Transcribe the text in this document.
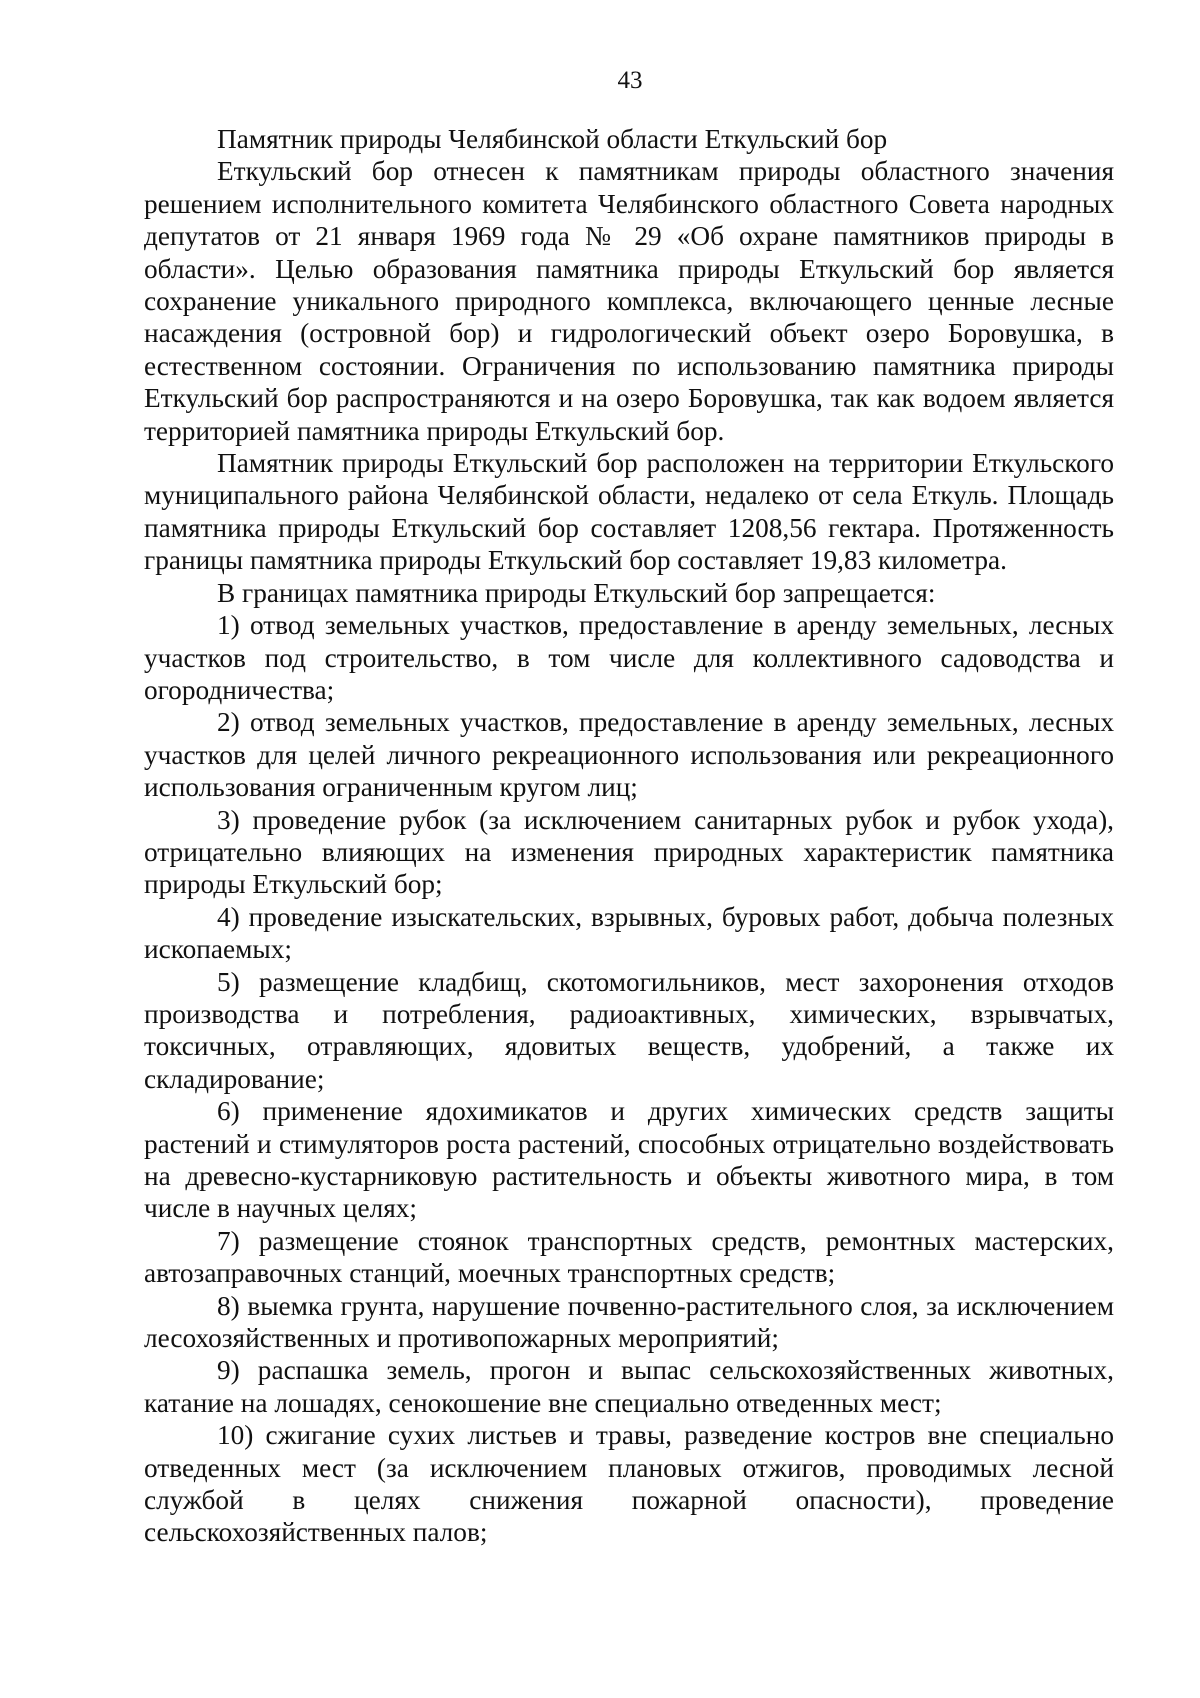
43

Памятник природы Челябинской области Еткульский бор

Еткульский бор отнесен к памятникам природы областного значения решением исполнительного комитета Челябинского областного Совета народных депутатов от 21 января 1969 года № 29 «Об охране памятников природы в области». Целью образования памятника природы Еткульский бор является сохранение уникального природного комплекса, включающего ценные лесные насаждения (островной бор) и гидрологический объект озеро Боровушка, в естественном состоянии. Ограничения по использованию памятника природы Еткульский бор распространяются и на озеро Боровушка, так как водоем является территорией памятника природы Еткульский бор.

Памятник природы Еткульский бор расположен на территории Еткульского муниципального района Челябинской области, недалеко от села Еткуль. Площадь памятника природы Еткульский бор составляет 1208,56 гектара. Протяженность границы памятника природы Еткульский бор составляет 19,83 километра.

В границах памятника природы Еткульский бор запрещается:

1) отвод земельных участков, предоставление в аренду земельных, лесных участков под строительство, в том числе для коллективного садоводства и огородничества;

2) отвод земельных участков, предоставление в аренду земельных, лесных участков для целей личного рекреационного использования или рекреационного использования ограниченным кругом лиц;

3) проведение рубок (за исключением санитарных рубок и рубок ухода), отрицательно влияющих на изменения природных характеристик памятника природы Еткульский бор;

4) проведение изыскательских, взрывных, буровых работ, добыча полезных ископаемых;

5) размещение кладбищ, скотомогильников, мест захоронения отходов производства и потребления, радиоактивных, химических, взрывчатых, токсичных, отравляющих, ядовитых веществ, удобрений, а также их складирование;

6) применение ядохимикатов и других химических средств защиты растений и стимуляторов роста растений, способных отрицательно воздействовать на древесно-кустарниковую растительность и объекты животного мира, в том числе в научных целях;

7) размещение стоянок транспортных средств, ремонтных мастерских, автозаправочных станций, моечных транспортных средств;

8) выемка грунта, нарушение почвенно-растительного слоя, за исключением лесохозяйственных и противопожарных мероприятий;

9) распашка земель, прогон и выпас сельскохозяйственных животных, катание на лошадях, сенокошение вне специально отведенных мест;

10) сжигание сухих листьев и травы, разведение костров вне специально отведенных мест (за исключением плановых отжигов, проводимых лесной службой в целях снижения пожарной опасности), проведение сельскохозяйственных палов;
